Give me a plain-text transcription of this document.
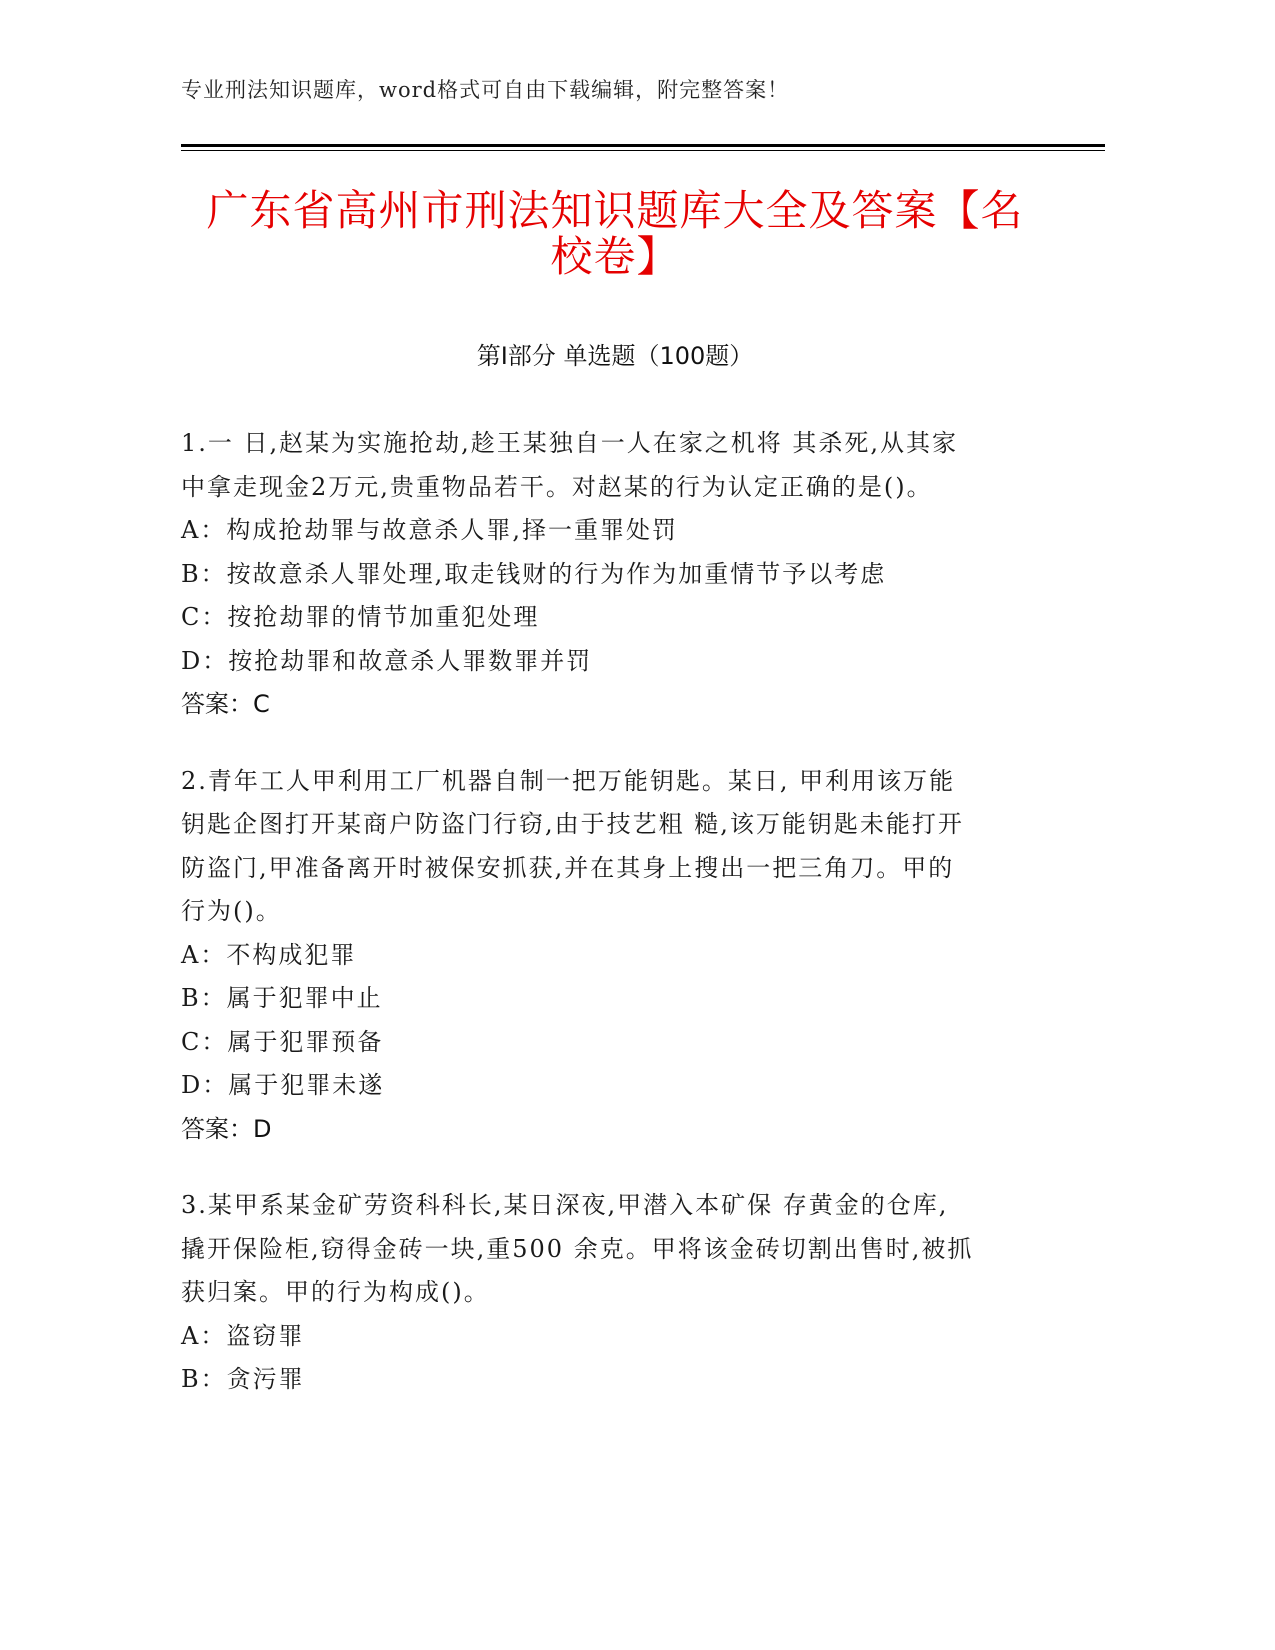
专业刑法知识题库，word格式可自由下载编辑，附完整答案！
广东省高州市刑法知识题库大全及答案【名
校卷】
第Ⅰ部分 单选题（100题）
1.一 日,赵某为实施抢劫,趁王某独自一人在家之机将 其杀死,从其家
中拿走现金2万元,贵重物品若干。对赵某的行为认定正确的是()。
A：构成抢劫罪与故意杀人罪,择一重罪处罚
B：按故意杀人罪处理,取走钱财的行为作为加重情节予以考虑
C：按抢劫罪的情节加重犯处理
D：按抢劫罪和故意杀人罪数罪并罚
答案：C
2.青年工人甲利用工厂机器自制一把万能钥匙。某日, 甲利用该万能
钥匙企图打开某商户防盗门行窃,由于技艺粗 糙,该万能钥匙未能打开
防盗门,甲准备离开时被保安抓获,并在其身上搜出一把三角刀。甲的
行为()。
A：不构成犯罪
B：属于犯罪中止
C：属于犯罪预备
D：属于犯罪未遂
答案：D
3.某甲系某金矿劳资科科长,某日深夜,甲潜入本矿保 存黄金的仓库,
撬开保险柜,窃得金砖一块,重500 余克。甲将该金砖切割出售时,被抓
获归案。甲的行为构成()。
A：盗窃罪
B：贪污罪
